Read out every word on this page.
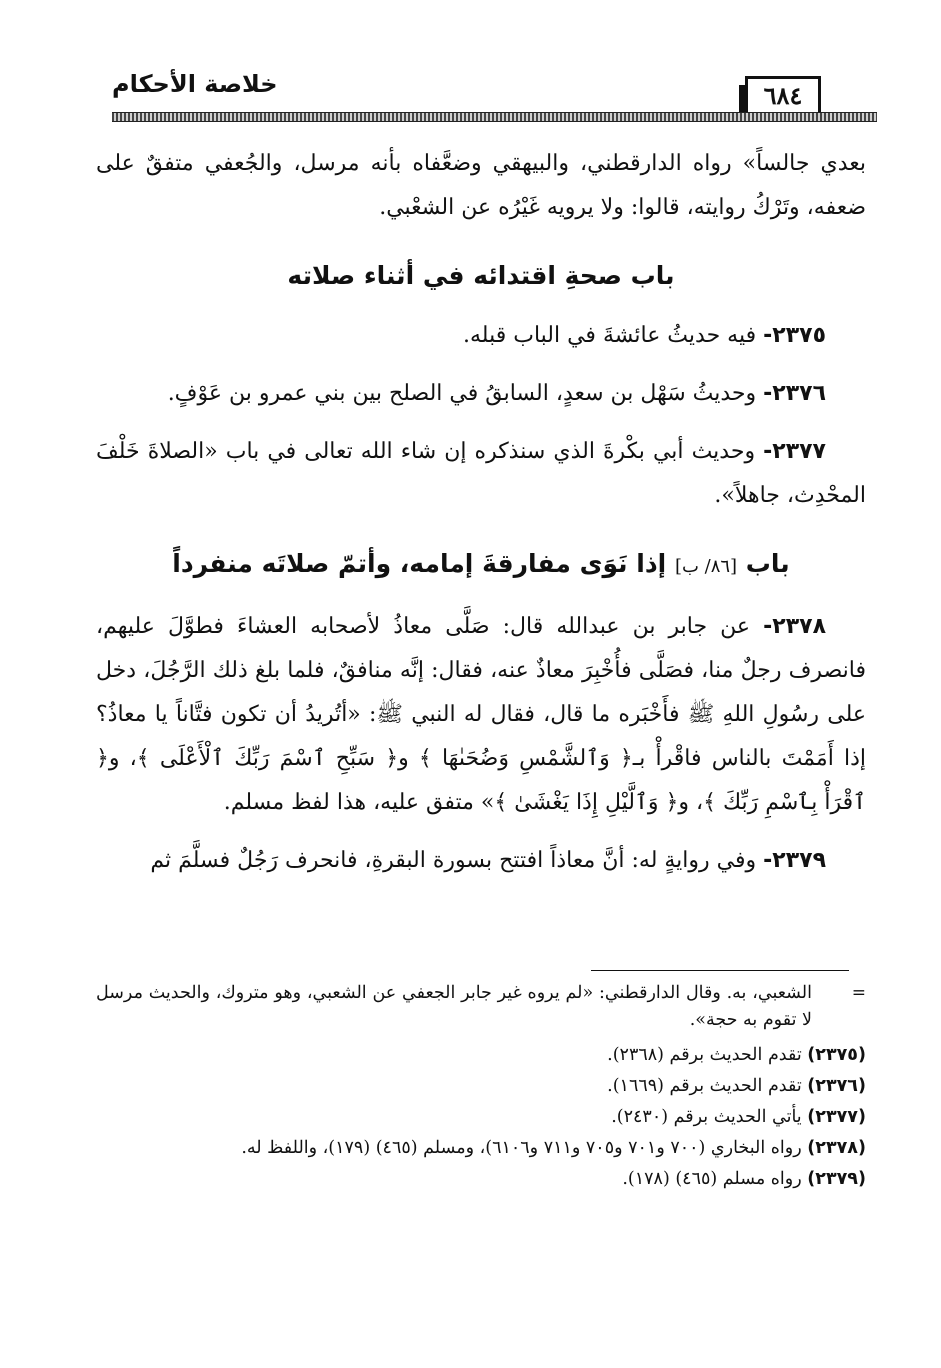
خلاصة الأحكام	٦٨٤

بعدي جالساً» رواه الدارقطني، والبيهقي وضعَّفاه بأنه مرسل، والجُعفي متفقٌ على ضعفه، وتَرْكُ روايته، قالوا: ولا يرويه غَيْرُه عن الشعْبي.

باب صحةِ اقتدائه في أثناء صلاته

٢٣٧٥- فيه حديثُ عائشةَ في الباب قبله.

٢٣٧٦- وحديثُ سَهْل بن سعدٍ، السابقُ في الصلح بين بني عمرو بن عَوْفٍ.

٢٣٧٧- وحديث أبي بكْرةَ الذي سنذكره إن شاء الله تعالى في باب «الصلاةَ خَلْفَ المحْدِث، جاهلاً».

باب [٨٦/ ب] إذا نَوَى مفارقةَ إمامه، وأتمّ صلاتَه منفرداً

٢٣٧٨- عن جابر بن عبدالله قال: صَلَّى معاذُ لأصحابه العشاءَ فطوَّلَ عليهم، فانصرف رجلٌ منا، فصَلَّى فأُخْبِرَ معاذٌ عنه، فقال: إنَّه منافقٌ، فلما بلغ ذلك الرَّجُلَ، دخل على رسُولِ اللهِ ﷺ فأَخْبَره ما قال، فقال له النبي ﷺ: «أتُريدُ أن تكون فتَّاناً يا معاذُ؟ إذا أَمَمْتَ بالناس فاقْرأْ بـ﴿ وَٱلشَّمْسِ وَضُحَىٰهَا ﴾ و﴿ سَبِّحِ ٱسْمَ رَبِّكَ ٱلْأَعْلَى ﴾، و﴿ ٱقْرَأْ بِٱسْمِ رَبِّكَ ﴾، و﴿ وَٱلَّيْلِ إِذَا يَغْشَىٰ ﴾» متفق عليه، هذا لفظ مسلم.

٢٣٧٩- وفي روايةٍ له: أنَّ معاذاً افتتح بسورة البقرةِ، فانحرف رَجُلٌ فسلَّمَ ثم

=
الشعبي، به. وقال الدارقطني: «لم يروه غير جابر الجعفي عن الشعبي، وهو متروك، والحديث مرسل لا تقوم به حجة».

(٢٣٧٥) تقدم الحديث برقم (٢٣٦٨).

(٢٣٧٦) تقدم الحديث برقم (١٦٦٩).

(٢٣٧٧) يأتي الحديث برقم (٢٤٣٠).

(٢٣٧٨) رواه البخاري (٧٠٠ و٧٠١ و٧٠٥ و٧١١ و٦١٠٦)، ومسلم (٤٦٥) (١٧٩)، واللفظ له.

(٢٣٧٩) رواه مسلم (٤٦٥) (١٧٨).
